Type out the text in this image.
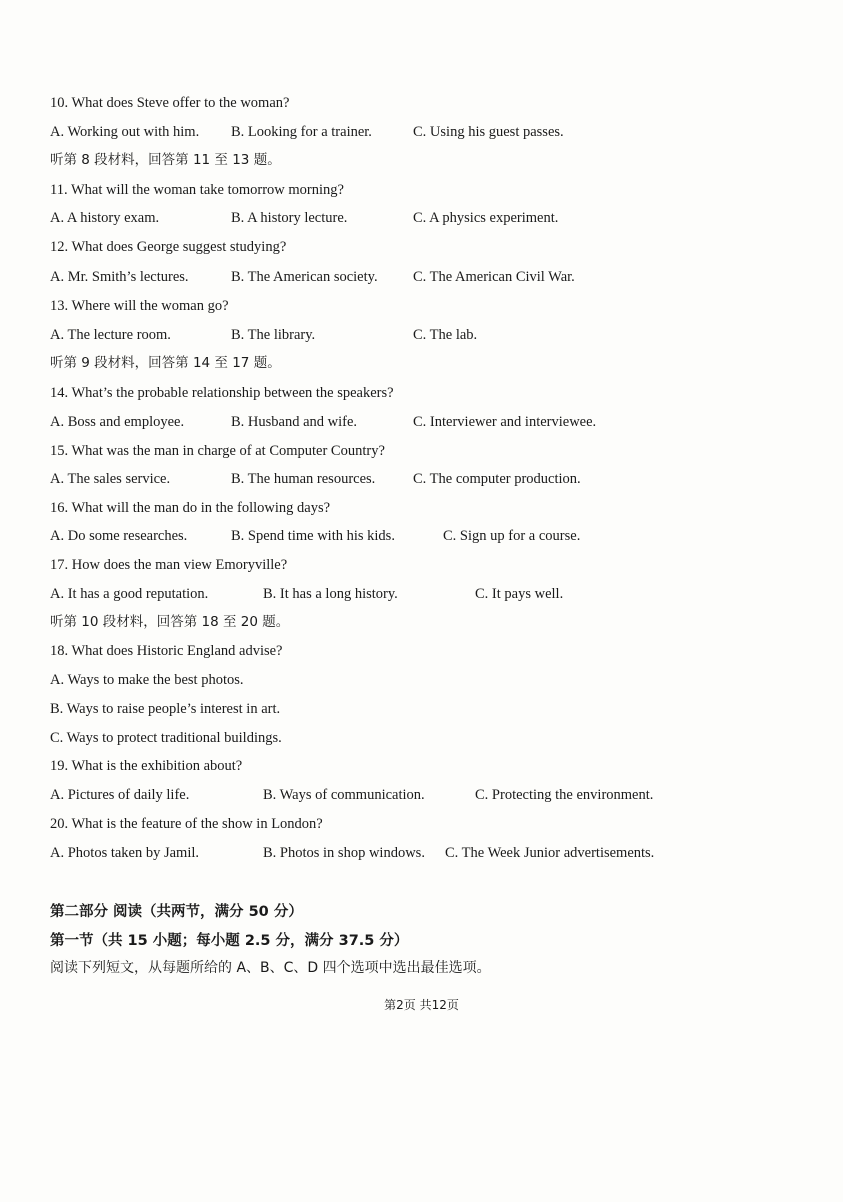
10. What does Steve offer to the woman?
A. Working out with him. B. Looking for a trainer.	C. Using his guest passes.
听第 8 段材料，回答第 11 至 13 题。
11. What will the woman take tomorrow morning?
A. A history exam.	B. A history lecture.	C. A physics experiment.
12. What does George suggest studying?
A. Mr. Smith’s lectures.	B. The American society. C. The American Civil War.
13. Where will the woman go?
A. The lecture room.	B. The library.	C. The lab.
听第 9 段材料，回答第 14 至 17 题。
14. What’s the probable relationship between the speakers?
A. Boss and employee.	B. Husband and wife.	C. Interviewer and interviewee.
15. What was the man in charge of at Computer Country?
A. The sales service.	B. The human resources.	C. The computer production.
16. What will the man do in the following days?
A. Do some researches.	B. Spend time with his kids.	C. Sign up for a course.
17. How does the man view Emoryville?
A. It has a good reputation.	B. It has a long history.	C. It pays well.
听第 10 段材料，回答第 18 至 20 题。
18. What does Historic England advise?
A. Ways to make the best photos.
B. Ways to raise people’s interest in art.
C. Ways to protect traditional buildings.
19. What is the exhibition about?
A. Pictures of daily life.	B. Ways of communication.	C. Protecting the environment.
20. What is the feature of the show in London?
A. Photos taken by Jamil.	B. Photos in shop windows. C. The Week Junior advertisements.
第二部分 阅读（共两节，满分 50 分）
第一节（共 15 小题；每小题 2.5 分，满分 37.5 分）
阅读下列短文，从每题所给的 A、B、C、D 四个选项中选出最佳选项。
第2页 共12页
